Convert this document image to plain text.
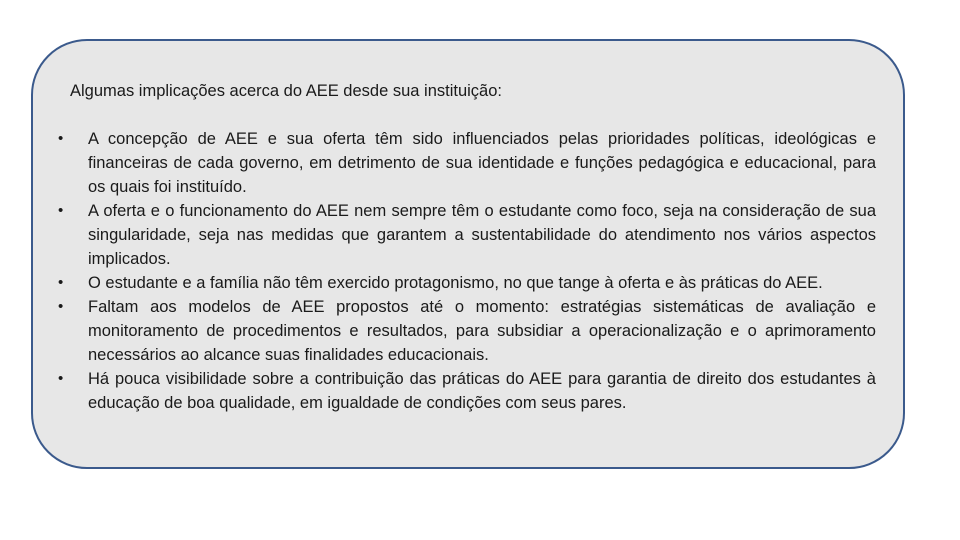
Algumas implicações acerca do AEE desde sua instituição:
•	A concepção de AEE e sua oferta têm sido influenciados pelas prioridades políticas, ideológicas e financeiras de cada governo, em detrimento de sua identidade e funções pedagógica e educacional, para os quais foi instituído.
•	A oferta e o funcionamento do AEE nem sempre têm o estudante como foco, seja na consideração de sua singularidade, seja nas medidas que garantem a sustentabilidade do atendimento nos vários aspectos implicados.
•	O estudante e a família não têm exercido protagonismo, no que tange à oferta e às práticas do AEE.
•	Faltam aos modelos de AEE propostos até o momento: estratégias sistemáticas de avaliação e monitoramento de procedimentos e resultados, para subsidiar a operacionalização e o aprimoramento necessários ao alcance suas finalidades educacionais.
•	Há pouca visibilidade sobre a contribuição das práticas do AEE para garantia de direito dos estudantes à educação de boa qualidade, em igualdade de condições com seus pares.
